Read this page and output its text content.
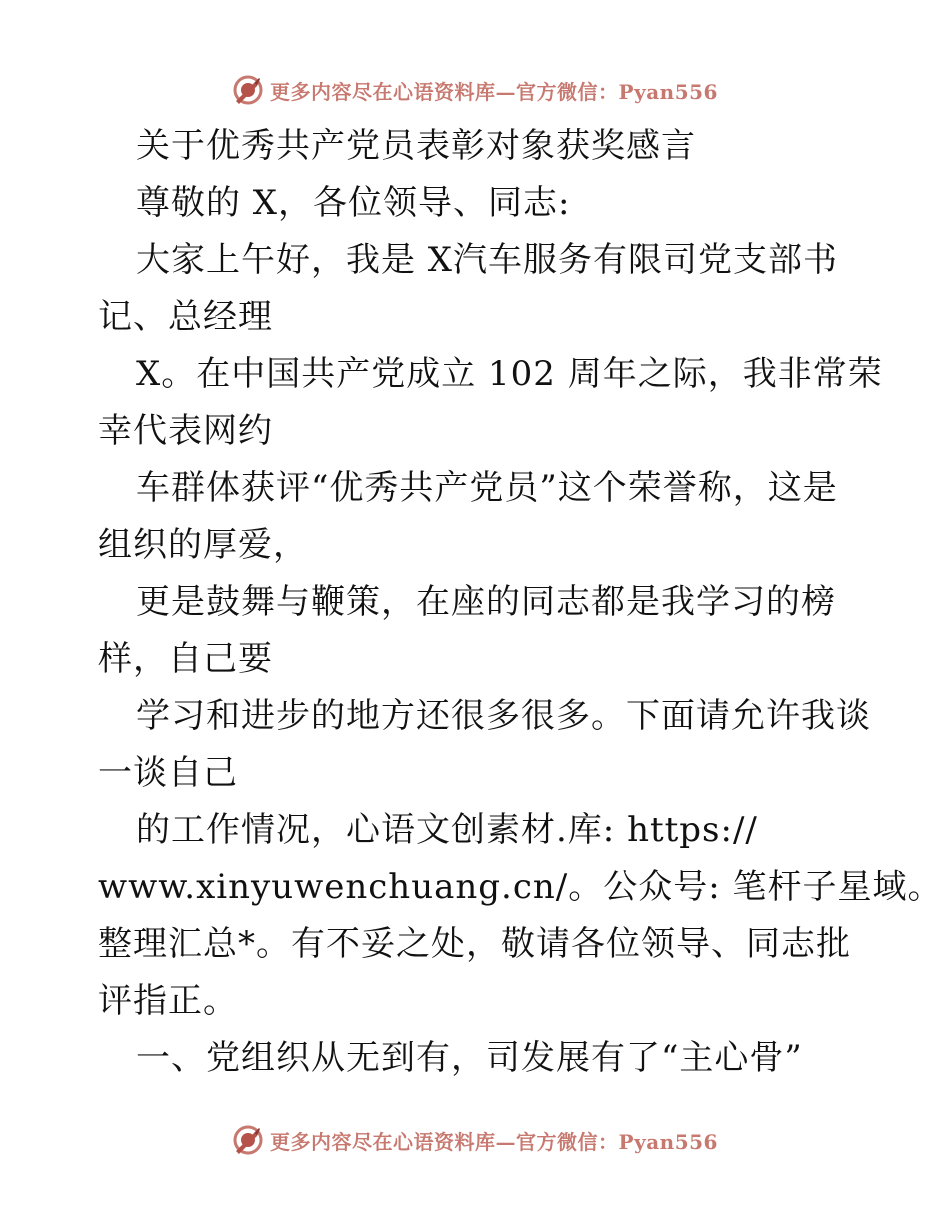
更多内容尽在心语资料库—官方微信：Pyan556
关于优秀共产党员表彰对象获奖感言
尊敬的 X，各位领导、同志:
大家上午好，我是 X汽车服务有限司党支部书
记、总经理
X。在中国共产党成立 102 周年之际，我非常荣
幸代表网约
车群体获评“优秀共产党员”这个荣誉称，这是
组织的厚爱，
更是鼓舞与鞭策，在座的同志都是我学习的榜
样，自己要
学习和进步的地方还很多很多。下面请允许我谈
一谈自己
的工作情况，心语文创素材.库: https://
www.xinyuwenchuang.cn/。公众号: 笔杆子星域。
整理汇总*。有不妥之处，敬请各位领导、同志批
评指正。
一、党组织从无到有，司发展有了“主心骨”
更多内容尽在心语资料库—官方微信：Pyan556
